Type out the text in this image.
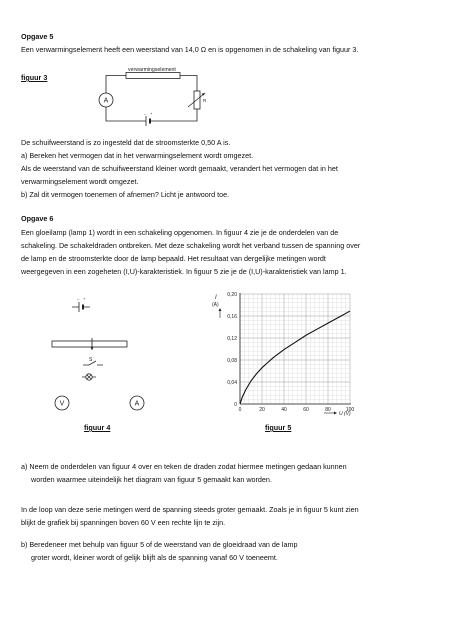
Opgave 5
Een verwarmingselement heeft een weerstand van 14,0 Ω en is opgenomen in de schakeling van figuur 3.
figuur 3
verwarmingselement
A	R
– +
De schuifweerstand is zo ingesteld dat de stroomsterkte 0,50 A is.
a) Bereken het vermogen dat in het verwarmingselement wordt omgezet.
Als de weerstand van de schuifweerstand kleiner wordt gemaakt, verandert het vermogen dat in het
verwarmingselement wordt omgezet.
b) Zal dit vermogen toenemen of afnemen? Licht je antwoord toe.
Opgave 6
Een gloeilamp (lamp 1) wordt in een schakeling opgenomen. In figuur 4 zie je de onderdelen van de
schakeling. De schakeldraden ontbreken. Met deze schakeling wordt het verband tussen de spanning over
de lamp en de stroomsterkte door de lamp bepaald. Het resultaat van dergelijke metingen wordt
weergegeven in een zogeheten (I,U)-karakteristiek. In figuur 5 zie je de (I,U)-karakteristiek van lamp 1.
– +
S
V	A
I
(A)
0	20	40	60	80	100
0
0,04
0,08
0,12
0,16
0,20
U (V)
figuur 4	figuur 5
a) Neem de onderdelen van figuur 4 over en teken de draden zodat hiermee metingen gedaan kunnen
worden waarmee uiteindelijk het diagram van figuur 5 gemaakt kan worden.
In de loop van deze serie metingen werd de spanning steeds groter gemaakt. Zoals je in figuur 5 kunt zien
blijkt de grafiek bij spanningen boven 60 V een rechte lijn te zijn.
b) Beredeneer met behulp van figuur 5 of de weerstand van de gloeidraad van de lamp
groter wordt, kleiner wordt of gelijk blijft als de spanning vanaf 60 V toeneemt.
